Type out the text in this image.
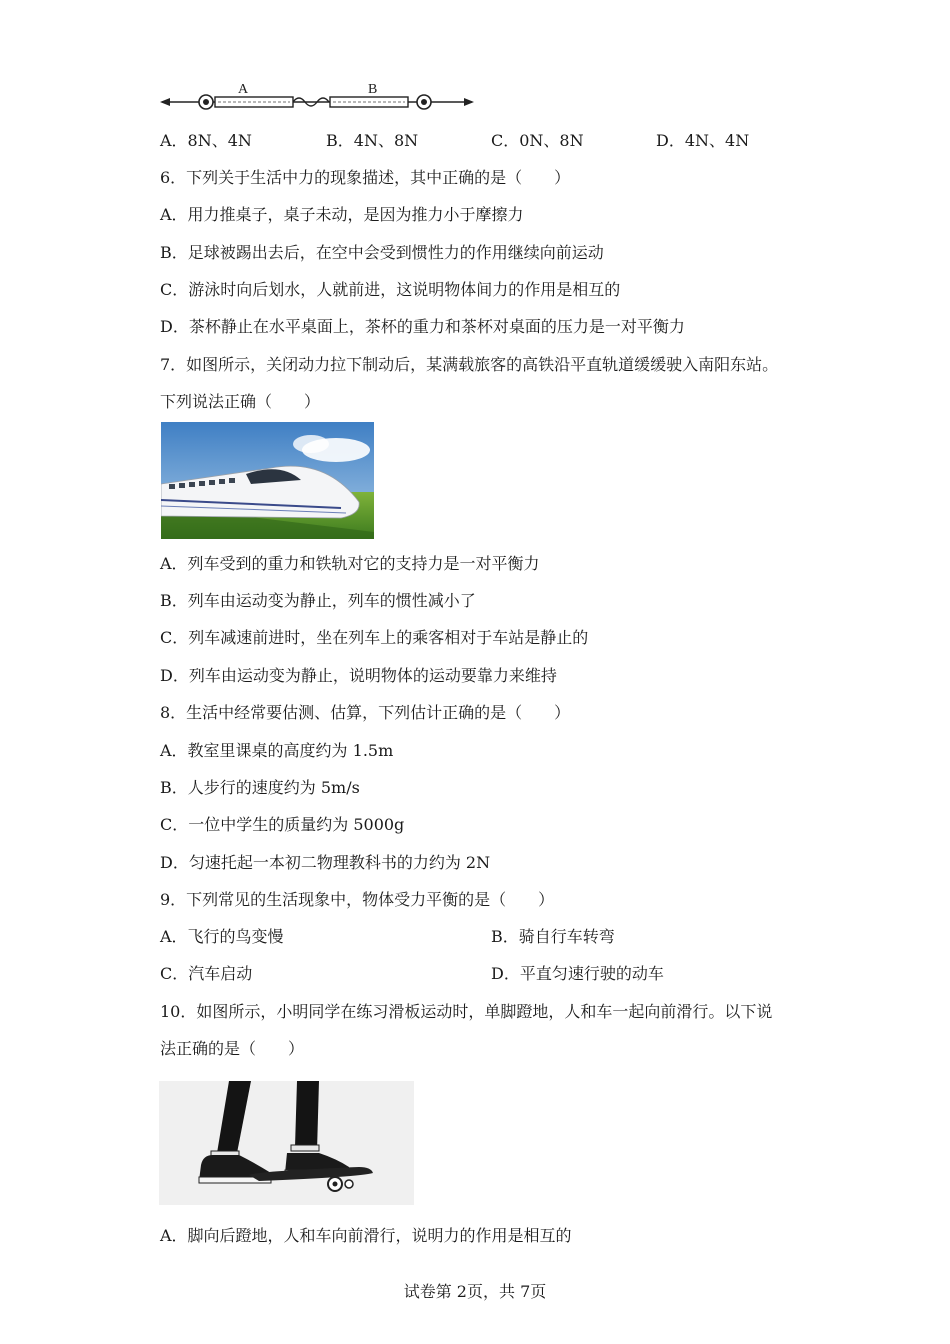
A	B
A．8N、4N	B．4N、8N	C．0N、8N	D．4N、4N
6．下列关于生活中力的现象描述，其中正确的是（　　）
A．用力推桌子，桌子未动，是因为推力小于摩擦力
B．足球被踢出去后，在空中会受到惯性力的作用继续向前运动
C．游泳时向后划水，人就前进，这说明物体间力的作用是相互的
D．茶杯静止在水平桌面上，茶杯的重力和茶杯对桌面的压力是一对平衡力
7．如图所示，关闭动力拉下制动后，某满载旅客的高铁沿平直轨道缓缓驶入南阳东站。
下列说法正确（　　）
A．列车受到的重力和铁轨对它的支持力是一对平衡力
B．列车由运动变为静止，列车的惯性减小了
C．列车减速前进时，坐在列车上的乘客相对于车站是静止的
D．列车由运动变为静止，说明物体的运动要靠力来维持
8．生活中经常要估测、估算，下列估计正确的是（　　）
A．教室里课桌的高度约为 1.5m
B．人步行的速度约为 5m/s
C．一位中学生的质量约为 5000g
D．匀速托起一本初二物理教科书的力约为 2N
9．下列常见的生活现象中，物体受力平衡的是（　　）
A．飞行的鸟变慢	B．骑自行车转弯
C．汽车启动	D．平直匀速行驶的动车
10．如图所示，小明同学在练习滑板运动时，单脚蹬地，人和车一起向前滑行。以下说
法正确的是（　　）
A．脚向后蹬地，人和车向前滑行，说明力的作用是相互的
试卷第 2页，共 7页
